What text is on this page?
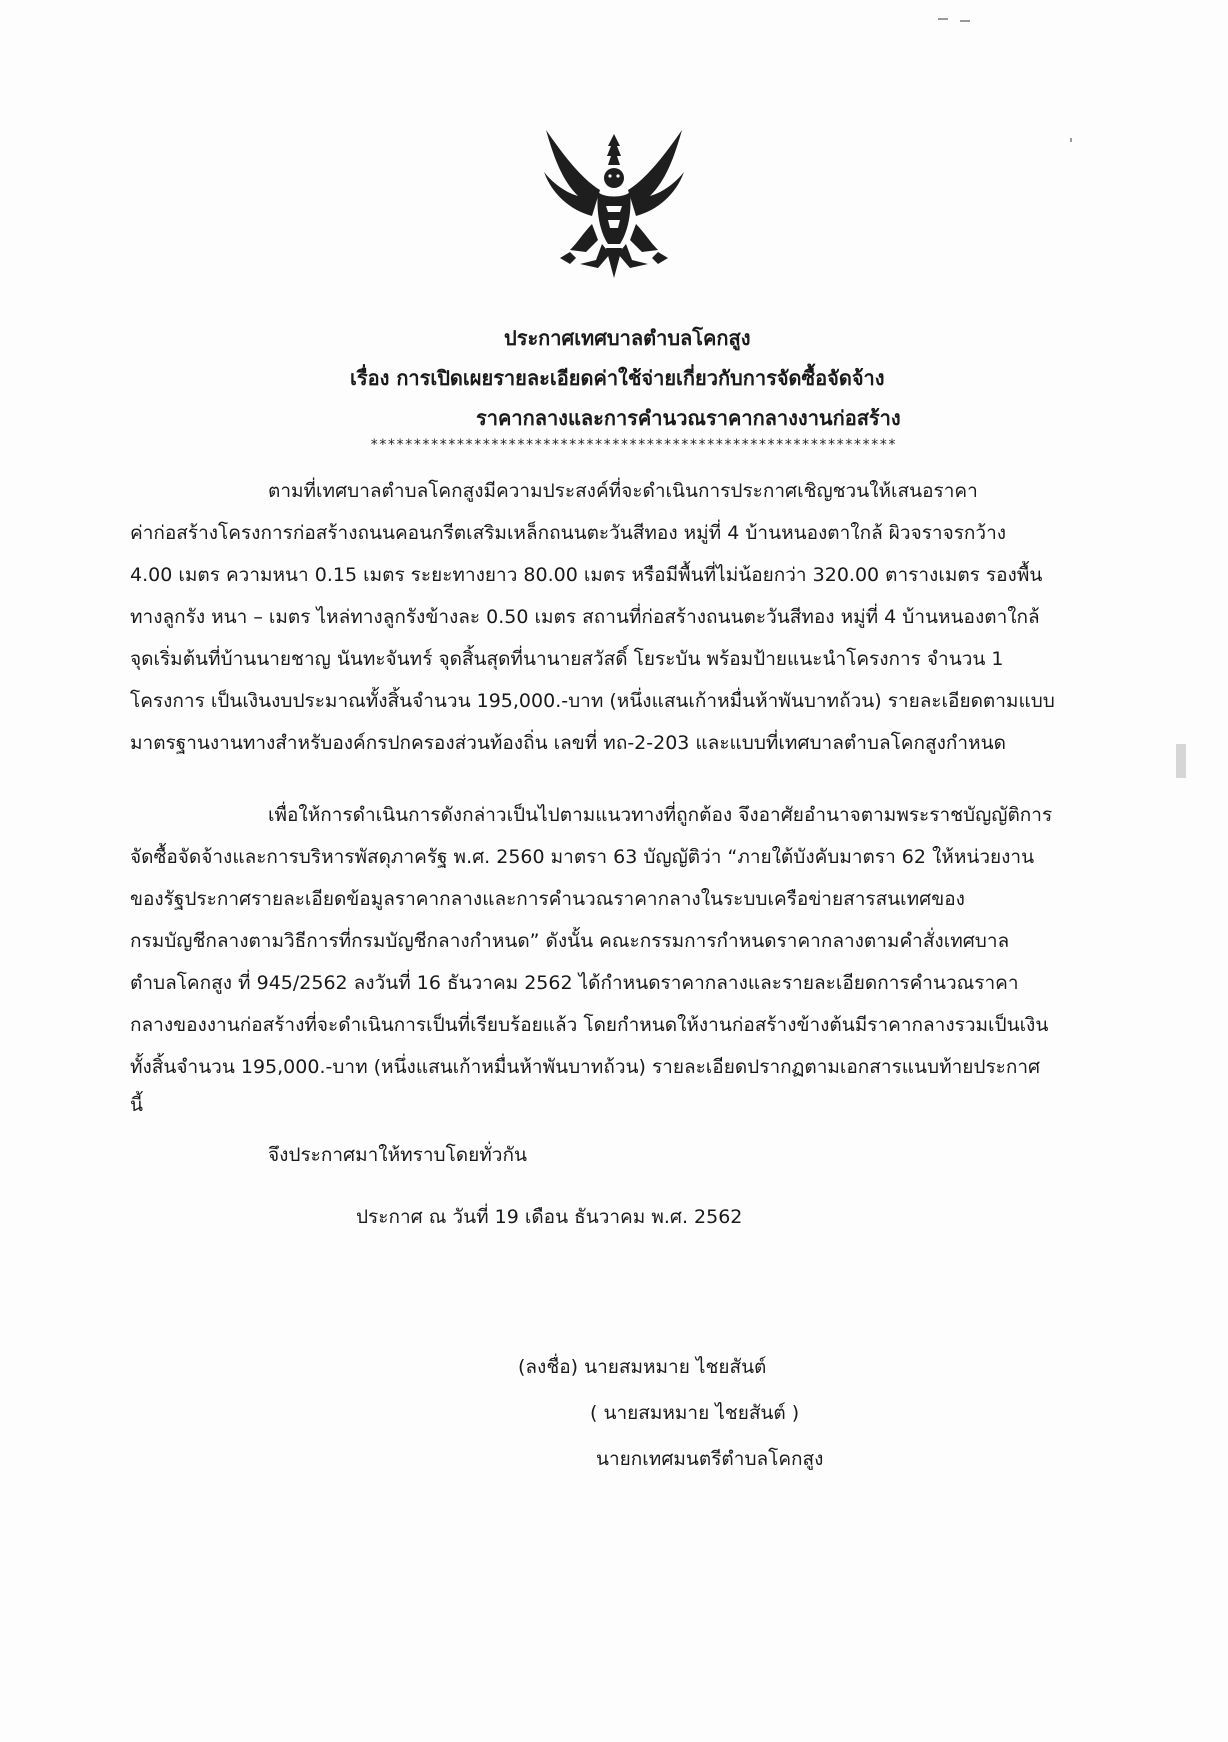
ประกาศเทศบาลตำบลโคกสูง
เรื่อง การเปิดเผยรายละเอียดค่าใช้จ่ายเกี่ยวกับการจัดซื้อจัดจ้าง
ราคากลางและการคำนวณราคากลางงานก่อสร้าง
*************************************************************
ตามที่เทศบาลตำบลโคกสูงมีความประสงค์ที่จะดำเนินการประกาศเชิญชวนให้เสนอราคา
ค่าก่อสร้างโครงการก่อสร้างถนนคอนกรีตเสริมเหล็กถนนตะวันสีทอง หมู่ที่ 4 บ้านหนองตาใกล้ ผิวจราจรกว้าง
4.00 เมตร ความหนา 0.15 เมตร ระยะทางยาว 80.00 เมตร หรือมีพื้นที่ไม่น้อยกว่า 320.00 ตารางเมตร รองพื้น
ทางลูกรัง หนา – เมตร ไหล่ทางลูกรังข้างละ 0.50 เมตร สถานที่ก่อสร้างถนนตะวันสีทอง หมู่ที่ 4 บ้านหนองตาใกล้
จุดเริ่มต้นที่บ้านนายชาญ นันทะจันทร์ จุดสิ้นสุดที่นานายสวัสดิ์ โยระบัน พร้อมป้ายแนะนำโครงการ จำนวน 1
โครงการ เป็นเงินงบประมาณทั้งสิ้นจำนวน 195,000.-บาท (หนึ่งแสนเก้าหมื่นห้าพันบาทถ้วน) รายละเอียดตามแบบ
มาตรฐานงานทางสำหรับองค์กรปกครองส่วนท้องถิ่น เลขที่ ทถ-2-203 และแบบที่เทศบาลตำบลโคกสูงกำหนด
เพื่อให้การดำเนินการดังกล่าวเป็นไปตามแนวทางที่ถูกต้อง จึงอาศัยอำนาจตามพระราชบัญญัติการ
จัดซื้อจัดจ้างและการบริหารพัสดุภาครัฐ พ.ศ. 2560 มาตรา 63 บัญญัติว่า “ภายใต้บังคับมาตรา 62 ให้หน่วยงาน
ของรัฐประกาศรายละเอียดข้อมูลราคากลางและการคำนวณราคากลางในระบบเครือข่ายสารสนเทศของ
กรมบัญชีกลางตามวิธีการที่กรมบัญชีกลางกำหนด” ดังนั้น คณะกรรมการกำหนดราคากลางตามคำสั่งเทศบาล
ตำบลโคกสูง ที่ 945/2562 ลงวันที่ 16 ธันวาคม 2562 ได้กำหนดราคากลางและรายละเอียดการคำนวณราคา
กลางของงานก่อสร้างที่จะดำเนินการเป็นที่เรียบร้อยแล้ว โดยกำหนดให้งานก่อสร้างข้างต้นมีราคากลางรวมเป็นเงิน
ทั้งสิ้นจำนวน 195,000.-บาท (หนึ่งแสนเก้าหมื่นห้าพันบาทถ้วน) รายละเอียดปรากฏตามเอกสารแนบท้ายประกาศ
นี้
จึงประกาศมาให้ทราบโดยทั่วกัน
ประกาศ ณ วันที่ 19 เดือน ธันวาคม พ.ศ. 2562
(ลงชื่อ) นายสมหมาย ไชยสันต์
( นายสมหมาย ไชยสันต์ )
นายกเทศมนตรีตำบลโคกสูง
